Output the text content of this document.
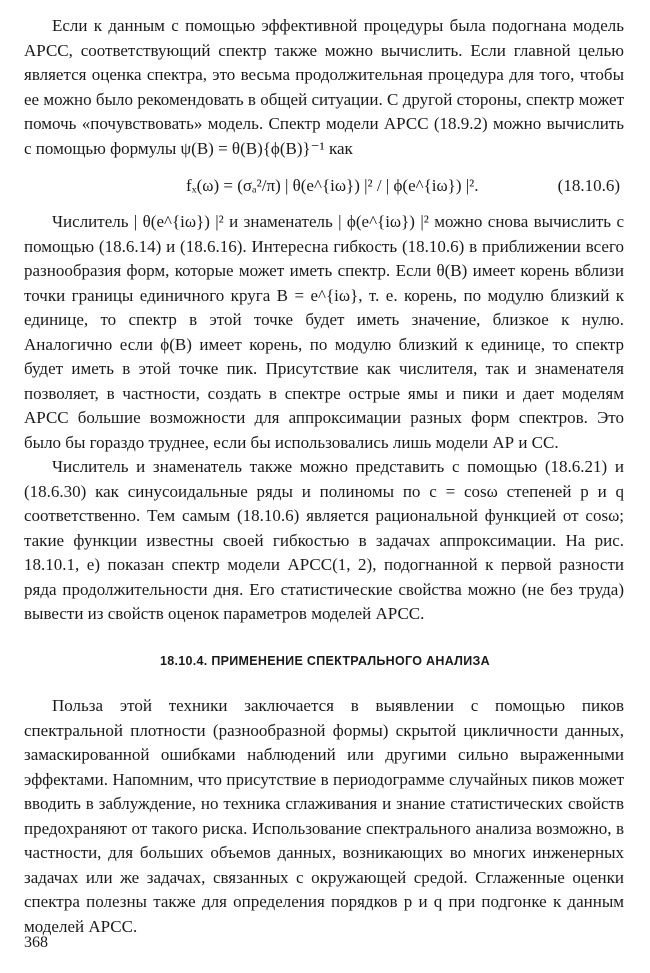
Если к данным с помощью эффективной процедуры была подогнана модель АРСС, соответствующий спектр также можно вычислить. Если главной целью является оценка спектра, это весьма продолжительная процедура для того, чтобы ее можно было рекомендовать в общей ситуации. С другой стороны, спектр может помочь «почувствовать» модель. Спектр модели АРСС (18.9.2) можно вычислить с помощью формулы ψ(B) = θ(B){ϕ(B)}⁻¹ как

fₓ(ω) = (σₐ²/π) | θ(e^{iω}) |² / | ϕ(e^{iω}) |².	(18.10.6)

Числитель | θ(e^{iω}) |² и знаменатель | ϕ(e^{iω}) |² можно снова вычислить с помощью (18.6.14) и (18.6.16). Интересна гибкость (18.10.6) в приближении всего разнообразия форм, которые может иметь спектр. Если θ(B) имеет корень вблизи точки границы единичного круга B = e^{iω}, т. е. корень, по модулю близкий к единице, то спектр в этой точке будет иметь значение, близкое к нулю. Аналогично если ϕ(B) имеет корень, по модулю близкий к единице, то спектр будет иметь в этой точке пик. Присутствие как числителя, так и знаменателя позволяет, в частности, создать в спектре острые ямы и пики и дает моделям АРСС большие возможности для аппроксимации разных форм спектров. Это было бы гораздо труднее, если бы использовались лишь модели АР и СС.

Числитель и знаменатель также можно представить с помощью (18.6.21) и (18.6.30) как синусоидальные ряды и полиномы по c = cosω степеней p и q соответственно. Тем самым (18.10.6) является рациональной функцией от cosω; такие функции известны своей гибкостью в задачах аппроксимации. На рис. 18.10.1, e) показан спектр модели АРСС(1, 2), подогнанной к первой разности ряда продолжительности дня. Его статистические свойства можно (не без труда) вывести из свойств оценок параметров моделей АРСС.

18.10.4. ПРИМЕНЕНИЕ СПЕКТРАЛЬНОГО АНАЛИЗА

Польза этой техники заключается в выявлении с помощью пиков спектральной плотности (разнообразной формы) скрытой цикличности данных, замаскированной ошибками наблюдений или другими сильно выраженными эффектами. Напомним, что присутствие в периодограмме случайных пиков может вводить в заблуждение, но техника сглаживания и знание статистических свойств предохраняют от такого риска. Использование спектрального анализа возможно, в частности, для больших объемов данных, возникающих во многих инженерных задачах или же задачах, связанных с окружающей средой. Сглаженные оценки спектра полезны также для определения порядков p и q при подгонке к данным моделей АРСС.

368
